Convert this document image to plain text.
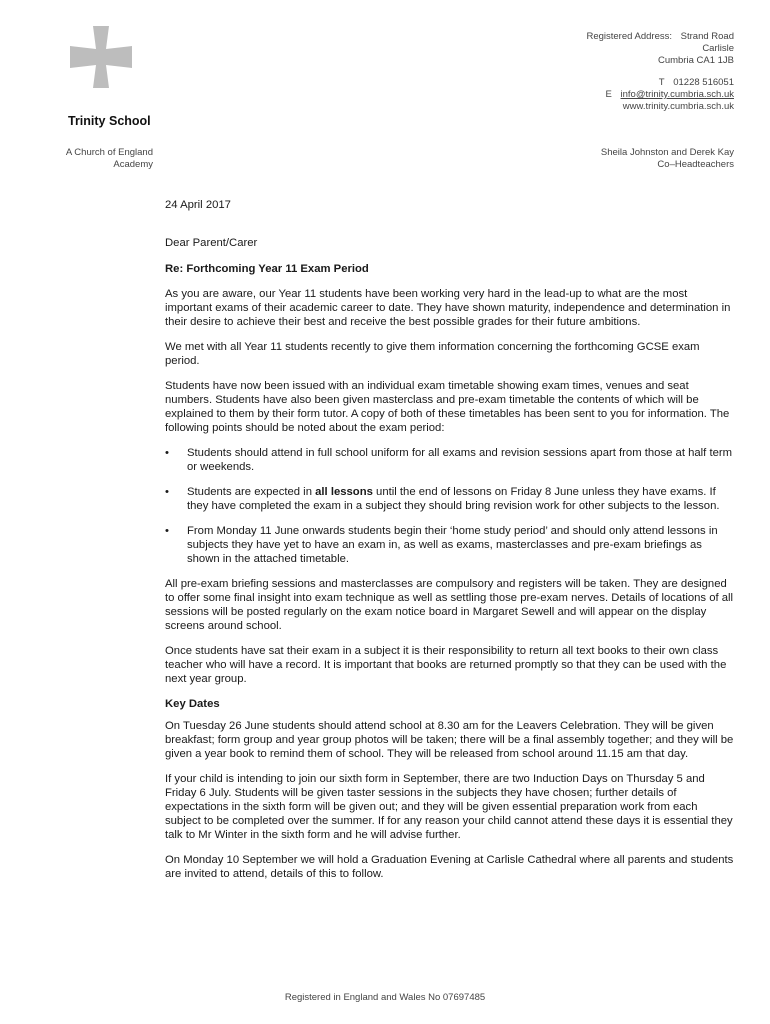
Trinity School
A Church of England
Academy
Registered Address: Strand Road
Carlisle
Cumbria CA1 1JB
T 01228 516051
E info@trinity.cumbria.sch.uk
www.trinity.cumbria.sch.uk
Sheila Johnston and Derek Kay
Co–Headteachers

24 April 2017

Dear Parent/Carer

Re: Forthcoming Year 11 Exam Period

As you are aware, our Year 11 students have been working very hard in the lead-up to what are the most important exams of their academic career to date. They have shown maturity, independence and determination in their desire to achieve their best and receive the best possible grades for their future ambitions.

We met with all Year 11 students recently to give them information concerning the forthcoming GCSE exam period.

Students have now been issued with an individual exam timetable showing exam times, venues and seat numbers. Students have also been given masterclass and pre-exam timetable the contents of which will be explained to them by their form tutor. A copy of both of these timetables has been sent to you for information. The following points should be noted about the exam period:

• Students should attend in full school uniform for all exams and revision sessions apart from those at half term or weekends.
• Students are expected in all lessons until the end of lessons on Friday 8 June unless they have exams. If they have completed the exam in a subject they should bring revision work for other subjects to the lesson.
• From Monday 11 June onwards students begin their ‘home study period’ and should only attend lessons in subjects they have yet to have an exam in, as well as exams, masterclasses and pre-exam briefings as shown in the attached timetable.

All pre-exam briefing sessions and masterclasses are compulsory and registers will be taken. They are designed to offer some final insight into exam technique as well as settling those pre-exam nerves. Details of locations of all sessions will be posted regularly on the exam notice board in Margaret Sewell and will appear on the display screens around school.

Once students have sat their exam in a subject it is their responsibility to return all text books to their own class teacher who will have a record. It is important that books are returned promptly so that they can be used with the next year group.

Key Dates

On Tuesday 26 June students should attend school at 8.30 am for the Leavers Celebration. They will be given breakfast; form group and year group photos will be taken; there will be a final assembly together; and they will be given a year book to remind them of school. They will be released from school around 11.15 am that day.

If your child is intending to join our sixth form in September, there are two Induction Days on Thursday 5 and Friday 6 July. Students will be given taster sessions in the subjects they have chosen; further details of expectations in the sixth form will be given out; and they will be given essential preparation work from each subject to be completed over the summer. If for any reason your child cannot attend these days it is essential they talk to Mr Winter in the sixth form and he will advise further.

On Monday 10 September we will hold a Graduation Evening at Carlisle Cathedral where all parents and students are invited to attend, details of this to follow.

Registered in England and Wales No 07697485
